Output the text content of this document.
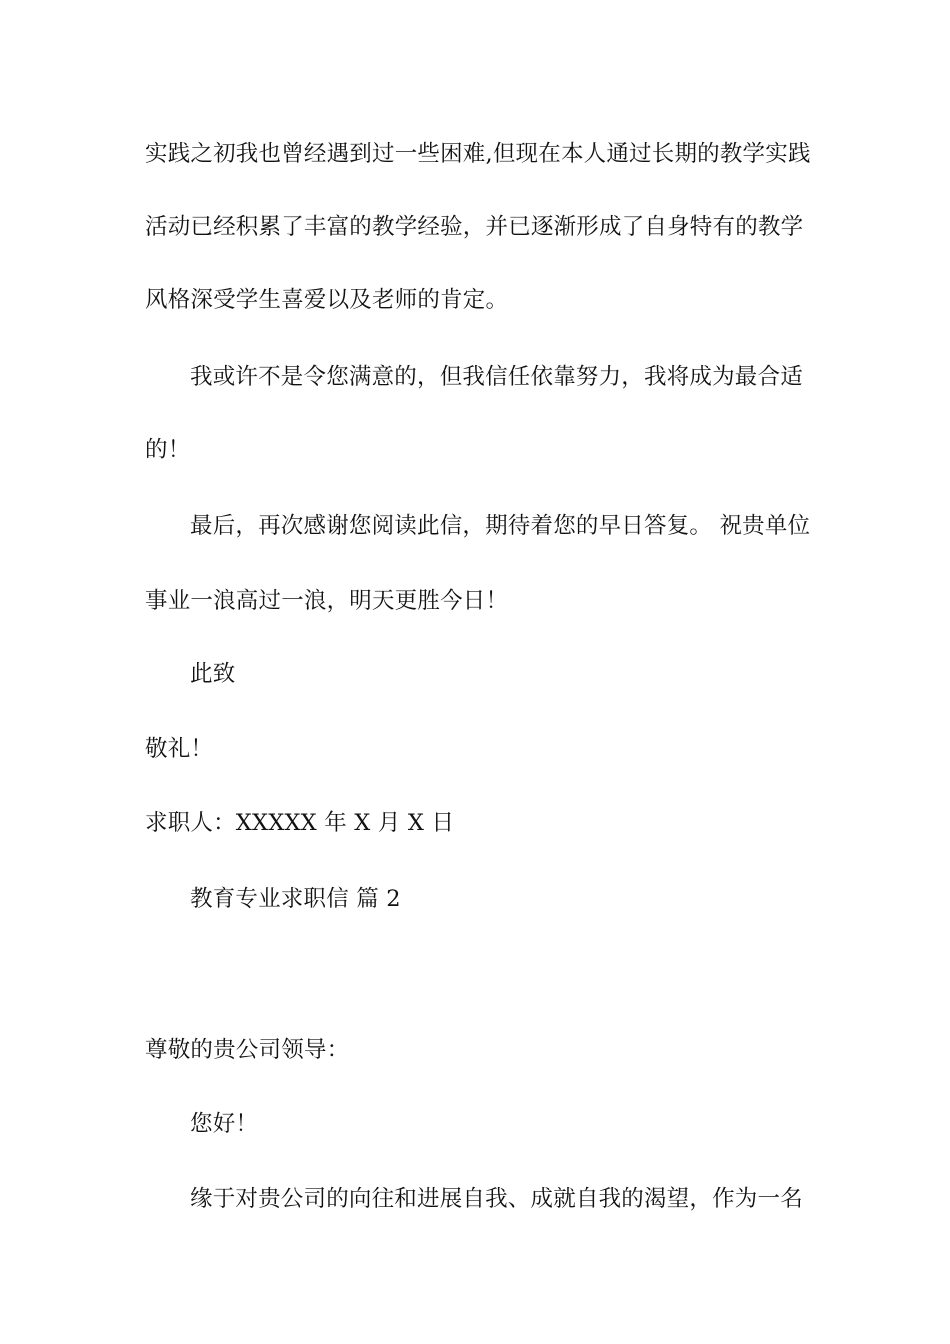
实践之初我也曾经遇到过一些困难,但现在本人通过长期的教学实践
活动已经积累了丰富的教学经验，并已逐渐形成了自身特有的教学
风格深受学生喜爱以及老师的肯定。
我或许不是令您满意的，但我信任依靠努力，我将成为最合适
的！
最后，再次感谢您阅读此信，期待着您的早日答复。 祝贵单位
事业一浪高过一浪，明天更胜今日！
此致
敬礼！
求职人：XXXXX 年 X 月 X 日
教育专业求职信 篇 2
尊敬的贵公司领导：
您好！
缘于对贵公司的向往和进展自我、成就自我的渴望，作为一名
